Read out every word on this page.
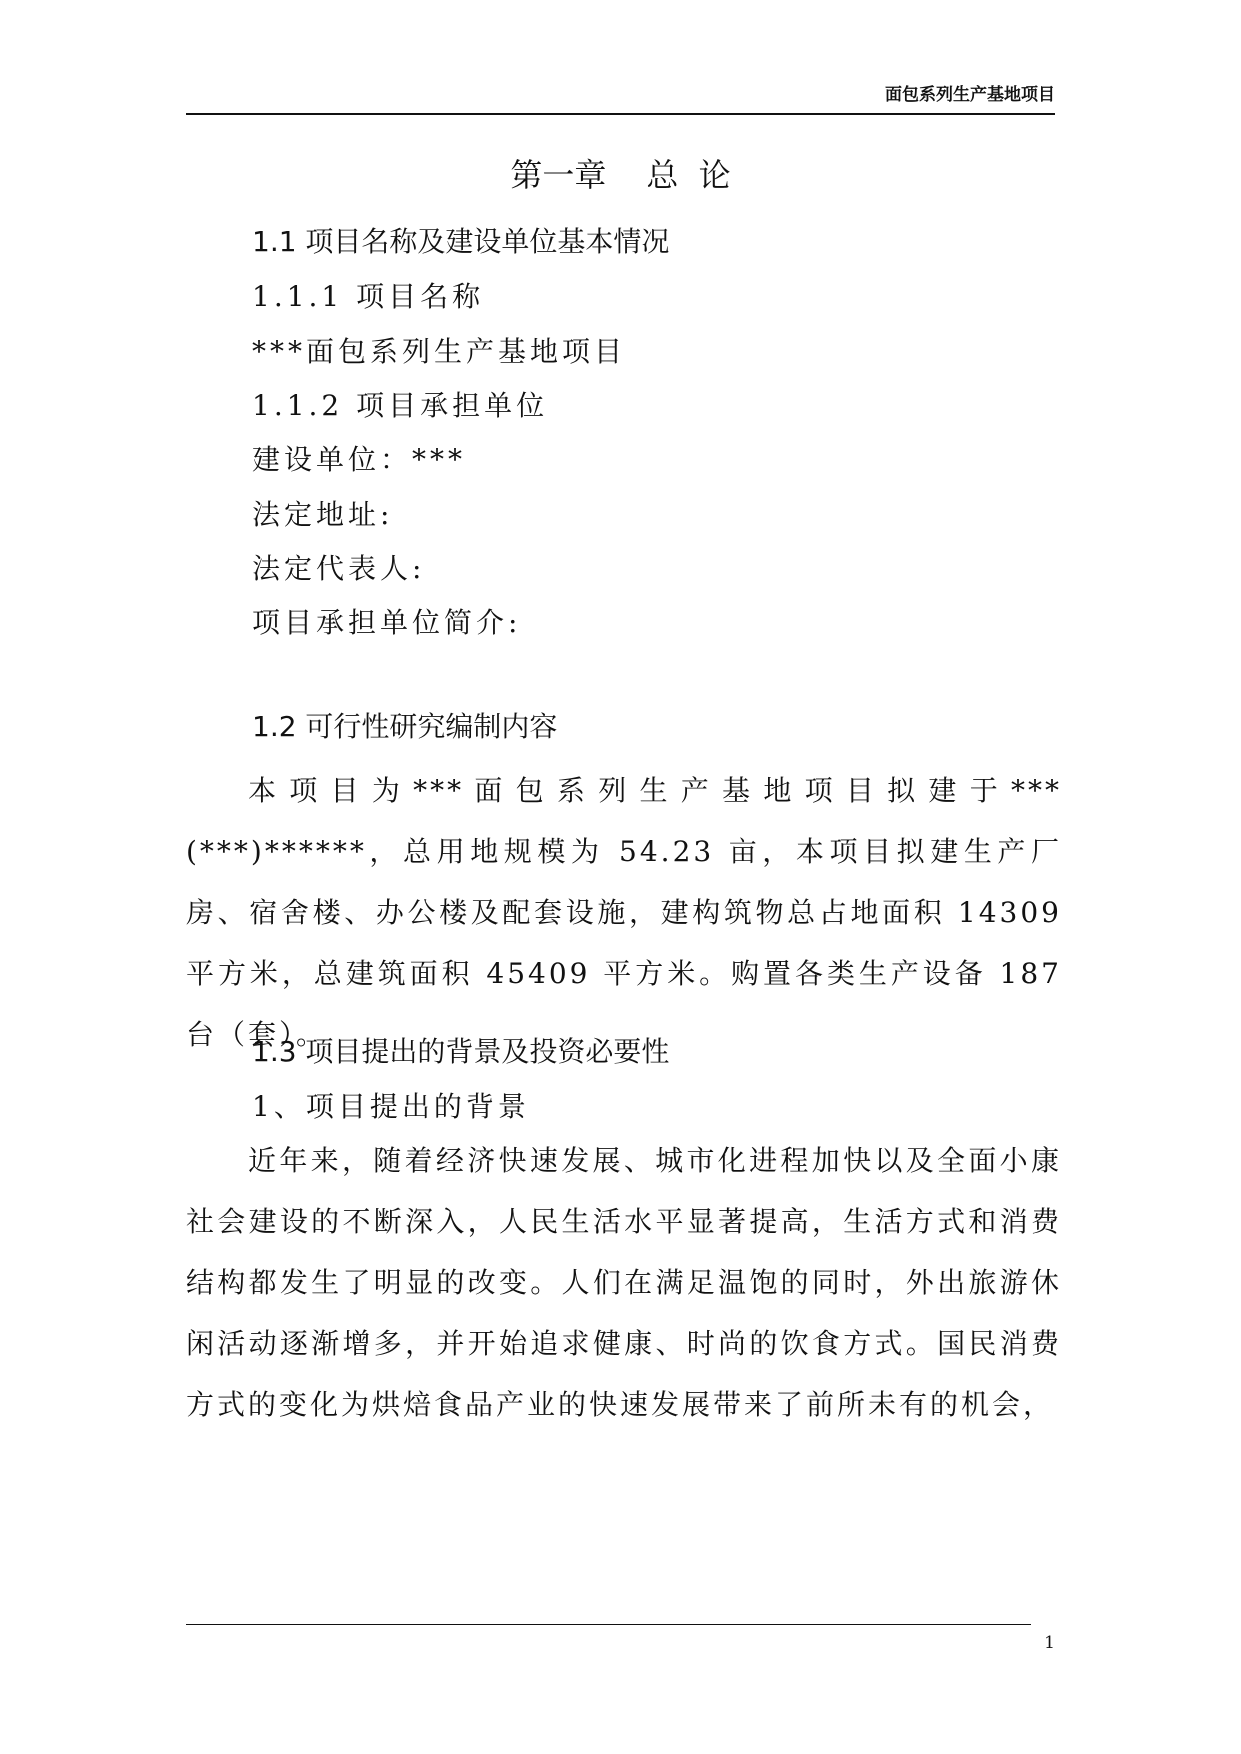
面包系列生产基地项目
第一章 总  论
1.1 项目名称及建设单位基本情况
1.1.1 项目名称
***面包系列生产基地项目
1.1.2 项目承担单位
建设单位：***
法定地址:
法定代表人:
项目承担单位简介:
1.2 可行性研究编制内容
本项目为***面包系列生产基地项目拟建于***(***)******，总用地规模为 54.23 亩，本项目拟建生产厂房、宿舍楼、办公楼及配套设施，建构筑物总占地面积 14309 平方米，总建筑面积 45409 平方米。购置各类生产设备 187 台（套）。
1.3 项目提出的背景及投资必要性
1、项目提出的背景
近年来，随着经济快速发展、城市化进程加快以及全面小康社会建设的不断深入，人民生活水平显著提高，生活方式和消费结构都发生了明显的改变。人们在满足温饱的同时，外出旅游休闲活动逐渐增多，并开始追求健康、时尚的饮食方式。国民消费方式的变化为烘焙食品产业的快速发展带来了前所未有的机会，
1
